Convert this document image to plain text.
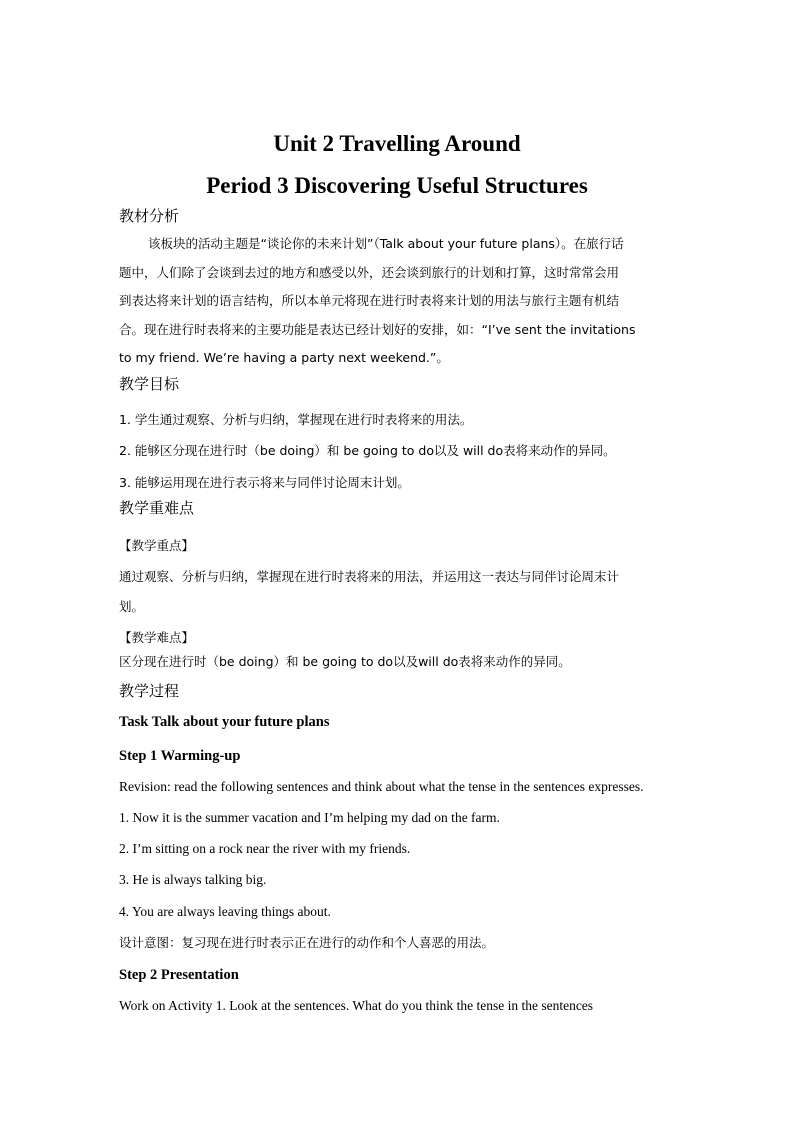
Unit 2 Travelling Around
Period 3 Discovering Useful Structures
教材分析
该板块的活动主题是“谈论你的未来计划”（Talk about your future plans）。在旅行话
题中，人们除了会谈到去过的地方和感受以外，还会谈到旅行的计划和打算，这时常常会用
到表达将来计划的语言结构，所以本单元将现在进行时表将来计划的用法与旅行主题有机结
合。现在进行时表将来的主要功能是表达已经计划好的安排，如：“I’ve sent the invitations
to my friend. We’re having a party next weekend.”。
教学目标
1. 学生通过观察、分析与归纳，掌握现在进行时表将来的用法。
2. 能够区分现在进行时（be doing）和 be going to do以及 will do表将来动作的异同。
3. 能够运用现在进行表示将来与同伴讨论周末计划。
教学重难点
【教学重点】
通过观察、分析与归纳，掌握现在进行时表将来的用法，并运用这一表达与同伴讨论周末计
划。
【教学难点】
区分现在进行时（be doing）和 be going to do以及will do表将来动作的异同。
教学过程
Task Talk about your future plans
Step 1 Warming-up
Revision: read the following sentences and think about what the tense in the sentences expresses.
1. Now it is the summer vacation and I’m helping my dad on the farm.
2. I’m sitting on a rock near the river with my friends.
3. He is always talking big.
4. You are always leaving things about.
设计意图：复习现在进行时表示正在进行的动作和个人喜恶的用法。
Step 2 Presentation
Work on Activity 1. Look at the sentences. What do you think the tense in the sentences
